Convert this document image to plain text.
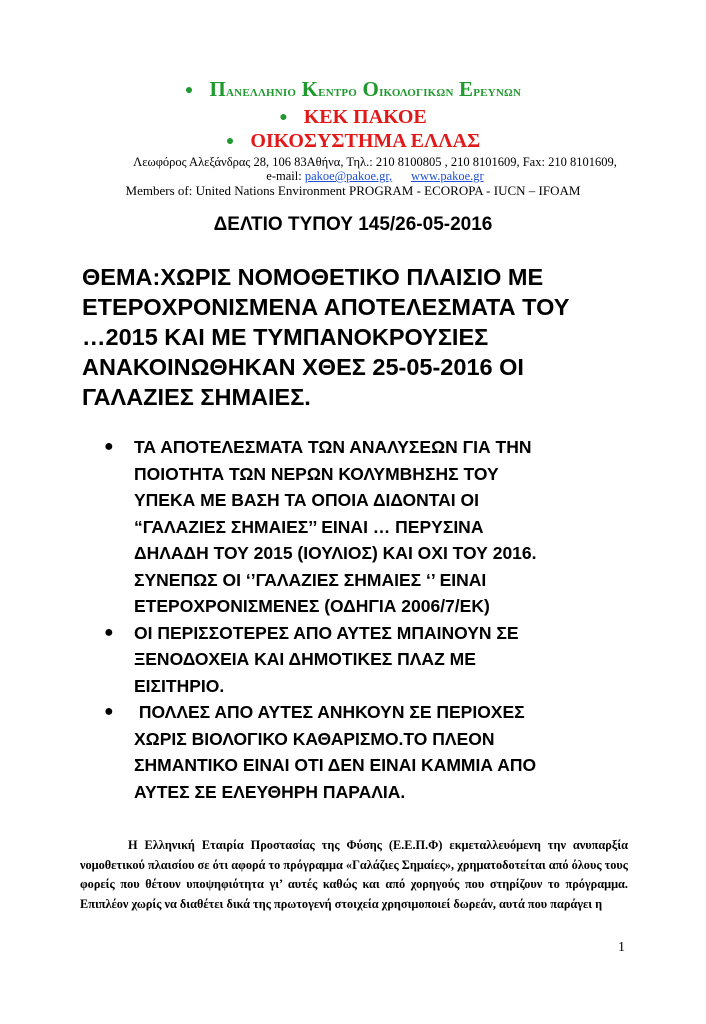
● Πανελληνιο Κεντρο Οικολογικων Ερευνων
● ΚΕΚ ΠΑΚΟΕ
● ΟΙΚΟΣΥΣΤΗΜΑ ΕΛΛΑΣ
Λεωφόρος Αλεξάνδρας 28, 106 83Αθήνα, Τηλ.: 210 8100805 , 210 8101609, Fax: 210 8101609,
e-mail: pakoe@pakoe.gr, www.pakoe.gr
Members of: United Nations Environment PROGRAM - ECOROPA - IUCN – IFOAM
ΔΕΛΤΙΟ ΤΥΠΟΥ 145/26-05-2016
ΘΕΜΑ:ΧΩΡΙΣ ΝΟΜΟΘΕΤΙΚΟ ΠΛΑΙΣΙΟ ΜΕ
ΕΤΕΡΟΧΡΟΝΙΣΜΕΝΑ ΑΠΟΤΕΛΕΣΜΑΤΑ ΤΟΥ
…2015 ΚΑΙ ΜΕ ΤΥΜΠΑΝΟΚΡΟΥΣΙΕΣ
ΑΝΑΚΟΙΝΩΘΗΚΑΝ ΧΘΕΣ 25-05-2016 ΟΙ
ΓΑΛΑΖΙΕΣ ΣΗΜΑΙΕΣ.
● ΤΑ ΑΠΟΤΕΛΕΣΜΑΤΑ ΤΩΝ ΑΝΑΛΥΣΕΩΝ ΓΙΑ ΤΗΝ
ΠΟΙΟΤΗΤΑ ΤΩΝ ΝΕΡΩΝ ΚΟΛΥΜΒΗΣΗΣ ΤΟΥ
ΥΠΕΚΑ ΜΕ ΒΑΣΗ ΤΑ ΟΠΟΙΑ ΔΙΔΟΝΤΑΙ ΟΙ
“ΓΑΛΑΖΙΕΣ ΣΗΜΑΙΕΣ’’ ΕΙΝΑΙ … ΠΕΡΥΣΙΝΑ
ΔΗΛΑΔΗ ΤΟΥ 2015 (ΙΟΥΛΙΟΣ) ΚΑΙ ΟΧΙ ΤΟΥ 2016.
ΣΥΝΕΠΩΣ ΟΙ ‘’ΓΑΛΑΖΙΕΣ ΣΗΜΑΙΕΣ ‘’ ΕΙΝΑΙ
ΕΤΕΡΟΧΡΟΝΙΣΜΕΝΕΣ (ΟΔΗΓΙΑ 2006/7/ΕΚ)
● ΟΙ ΠΕΡΙΣΣΟΤΕΡΕΣ ΑΠΟ ΑΥΤΕΣ ΜΠΑΙΝΟΥΝ ΣΕ
ΞΕΝΟΔΟΧΕΙΑ ΚΑΙ ΔΗΜΟΤΙΚΕΣ ΠΛΑΖ ΜΕ
ΕΙΣΙΤΗΡΙΟ.
● ΠΟΛΛΕΣ ΑΠΟ ΑΥΤΕΣ ΑΝΗΚΟΥΝ ΣΕ ΠΕΡΙΟΧΕΣ
ΧΩΡΙΣ ΒΙΟΛΟΓΙΚΟ ΚΑΘΑΡΙΣΜΟ.ΤΟ ΠΛΕΟΝ
ΣΗΜΑΝΤΙΚΟ ΕΙΝΑΙ ΟΤΙ ΔΕΝ ΕΙΝΑΙ ΚΑΜΜΙΑ ΑΠΟ
ΑΥΤΕΣ ΣΕ ΕΛΕΥΘΗΡΗ ΠΑΡΑΛΙΑ.

Η Ελληνική Εταιρία Προστασίας της Φύσης (Ε.Ε.Π.Φ) εκμεταλλευόμενη την ανυπαρξία νομοθετικού πλαισίου σε ότι αφορά το πρόγραμμα «Γαλάζιες Σημαίες», χρηματοδοτείται από όλους τους φορείς που θέτουν υποψηφιότητα γι’ αυτές καθώς και από χορηγούς που στηρίζουν το πρόγραμμα. Επιπλέον χωρίς να διαθέτει δικά της πρωτογενή στοιχεία χρησιμοποιεί δωρεάν, αυτά που παράγει η

1
